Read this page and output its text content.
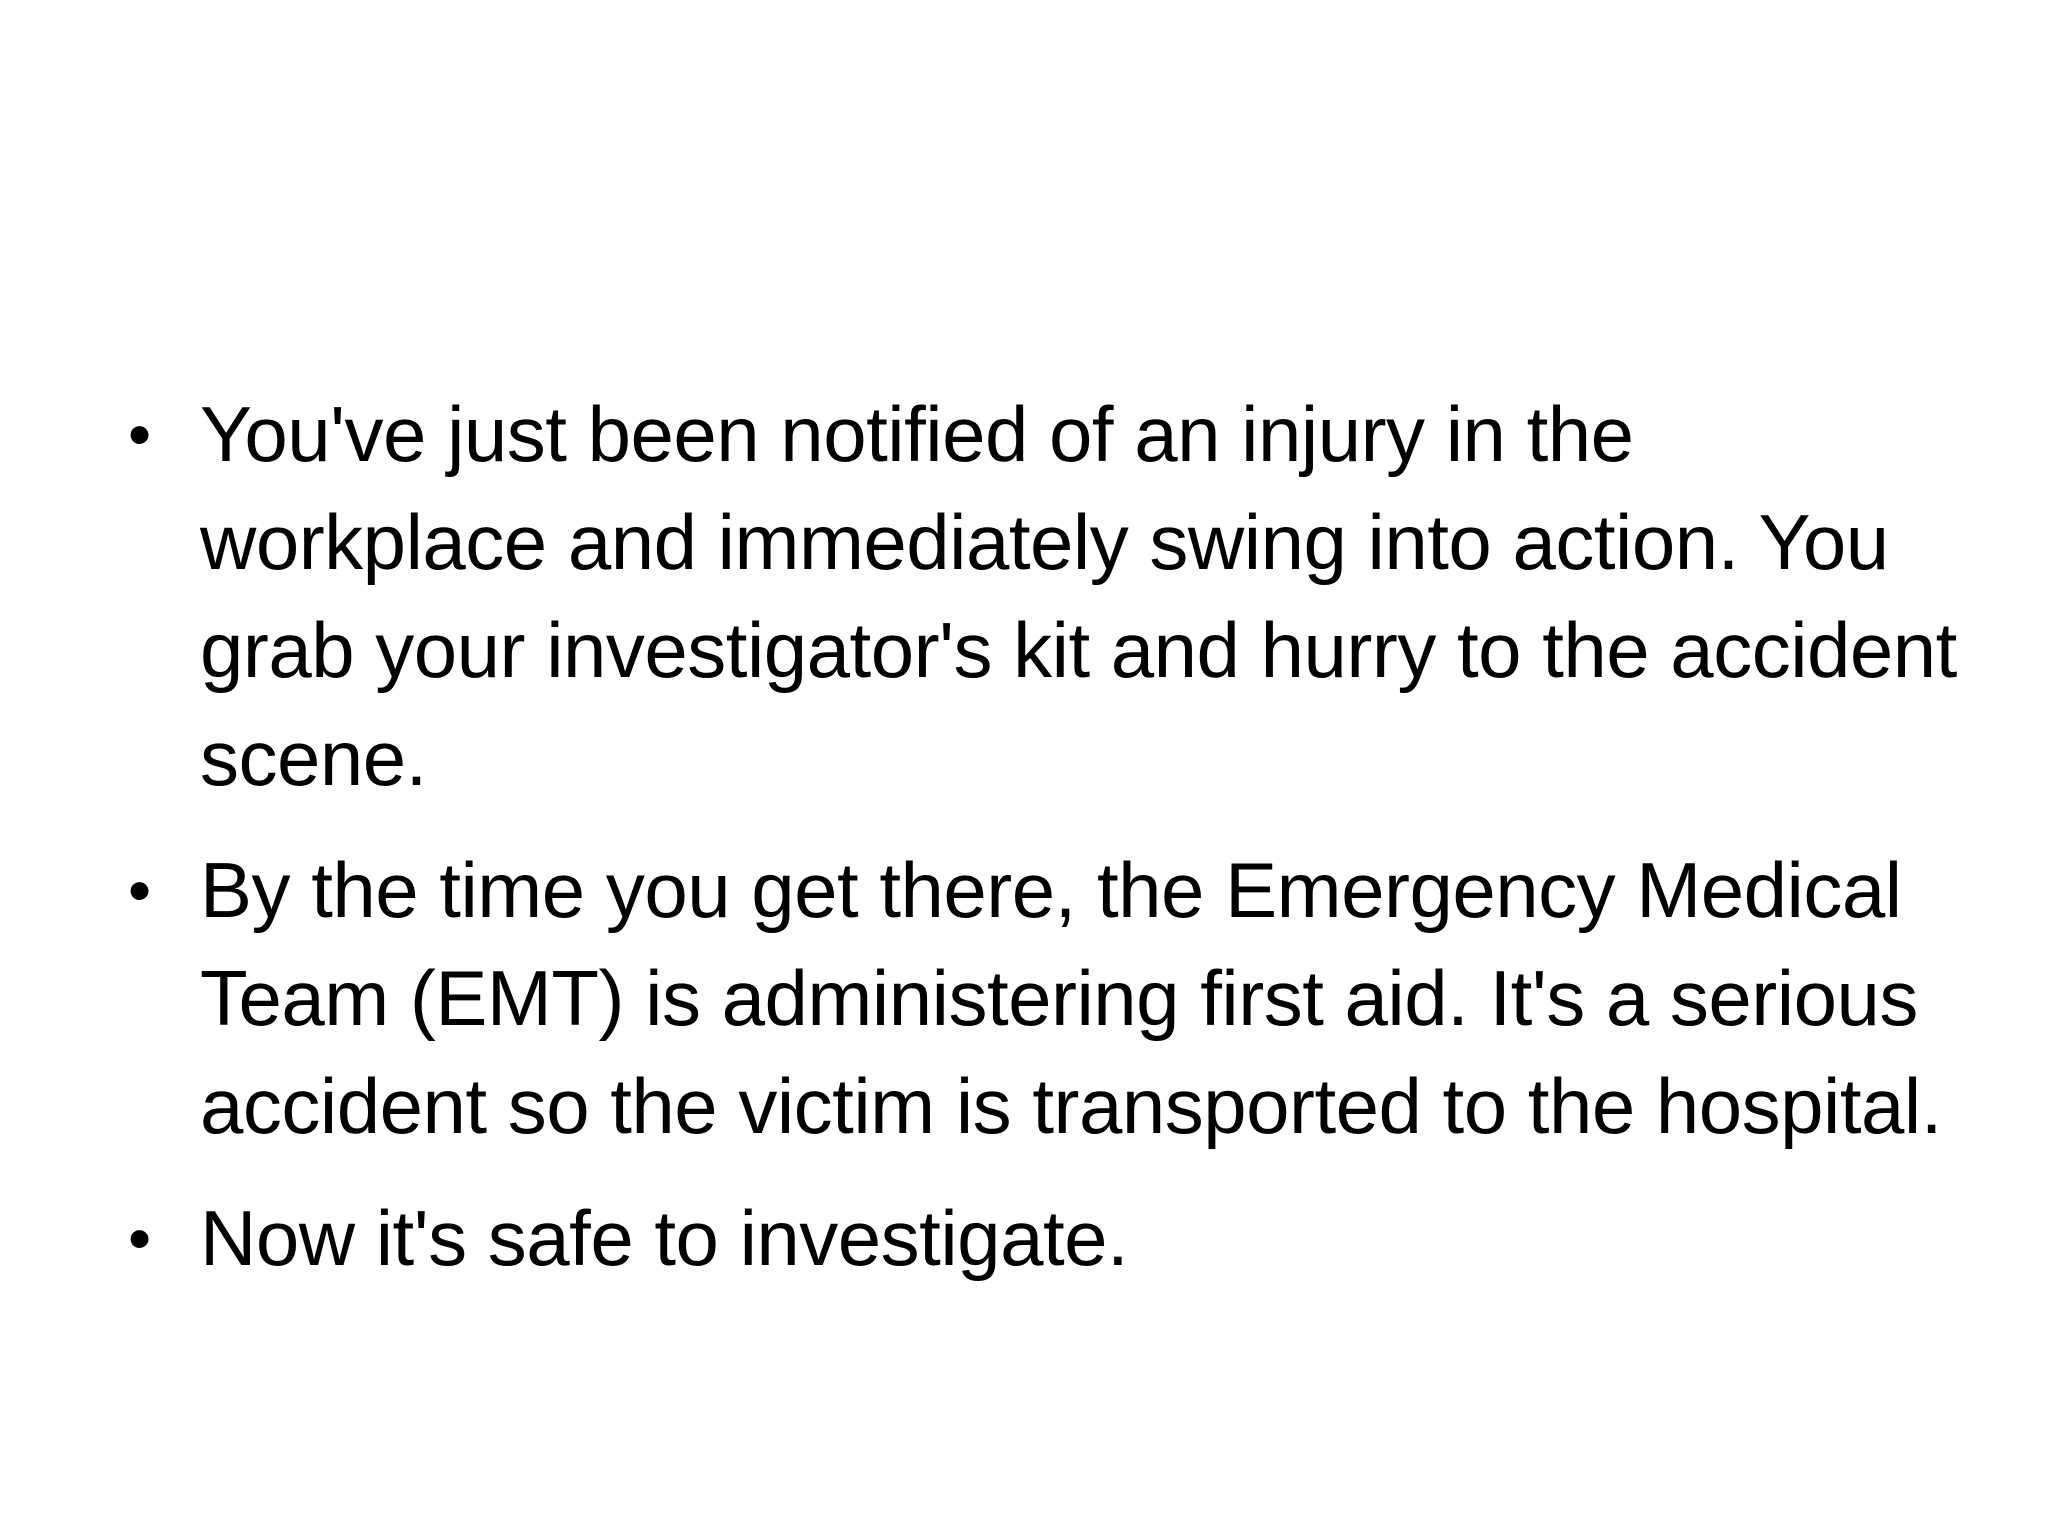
• You've just been notified of an injury in the workplace and immediately swing into action. You grab your investigator's kit and hurry to the accident scene.
• By the time you get there, the Emergency Medical Team (EMT) is administering first aid. It's a serious accident so the victim is transported to the hospital.
• Now it's safe to investigate.
